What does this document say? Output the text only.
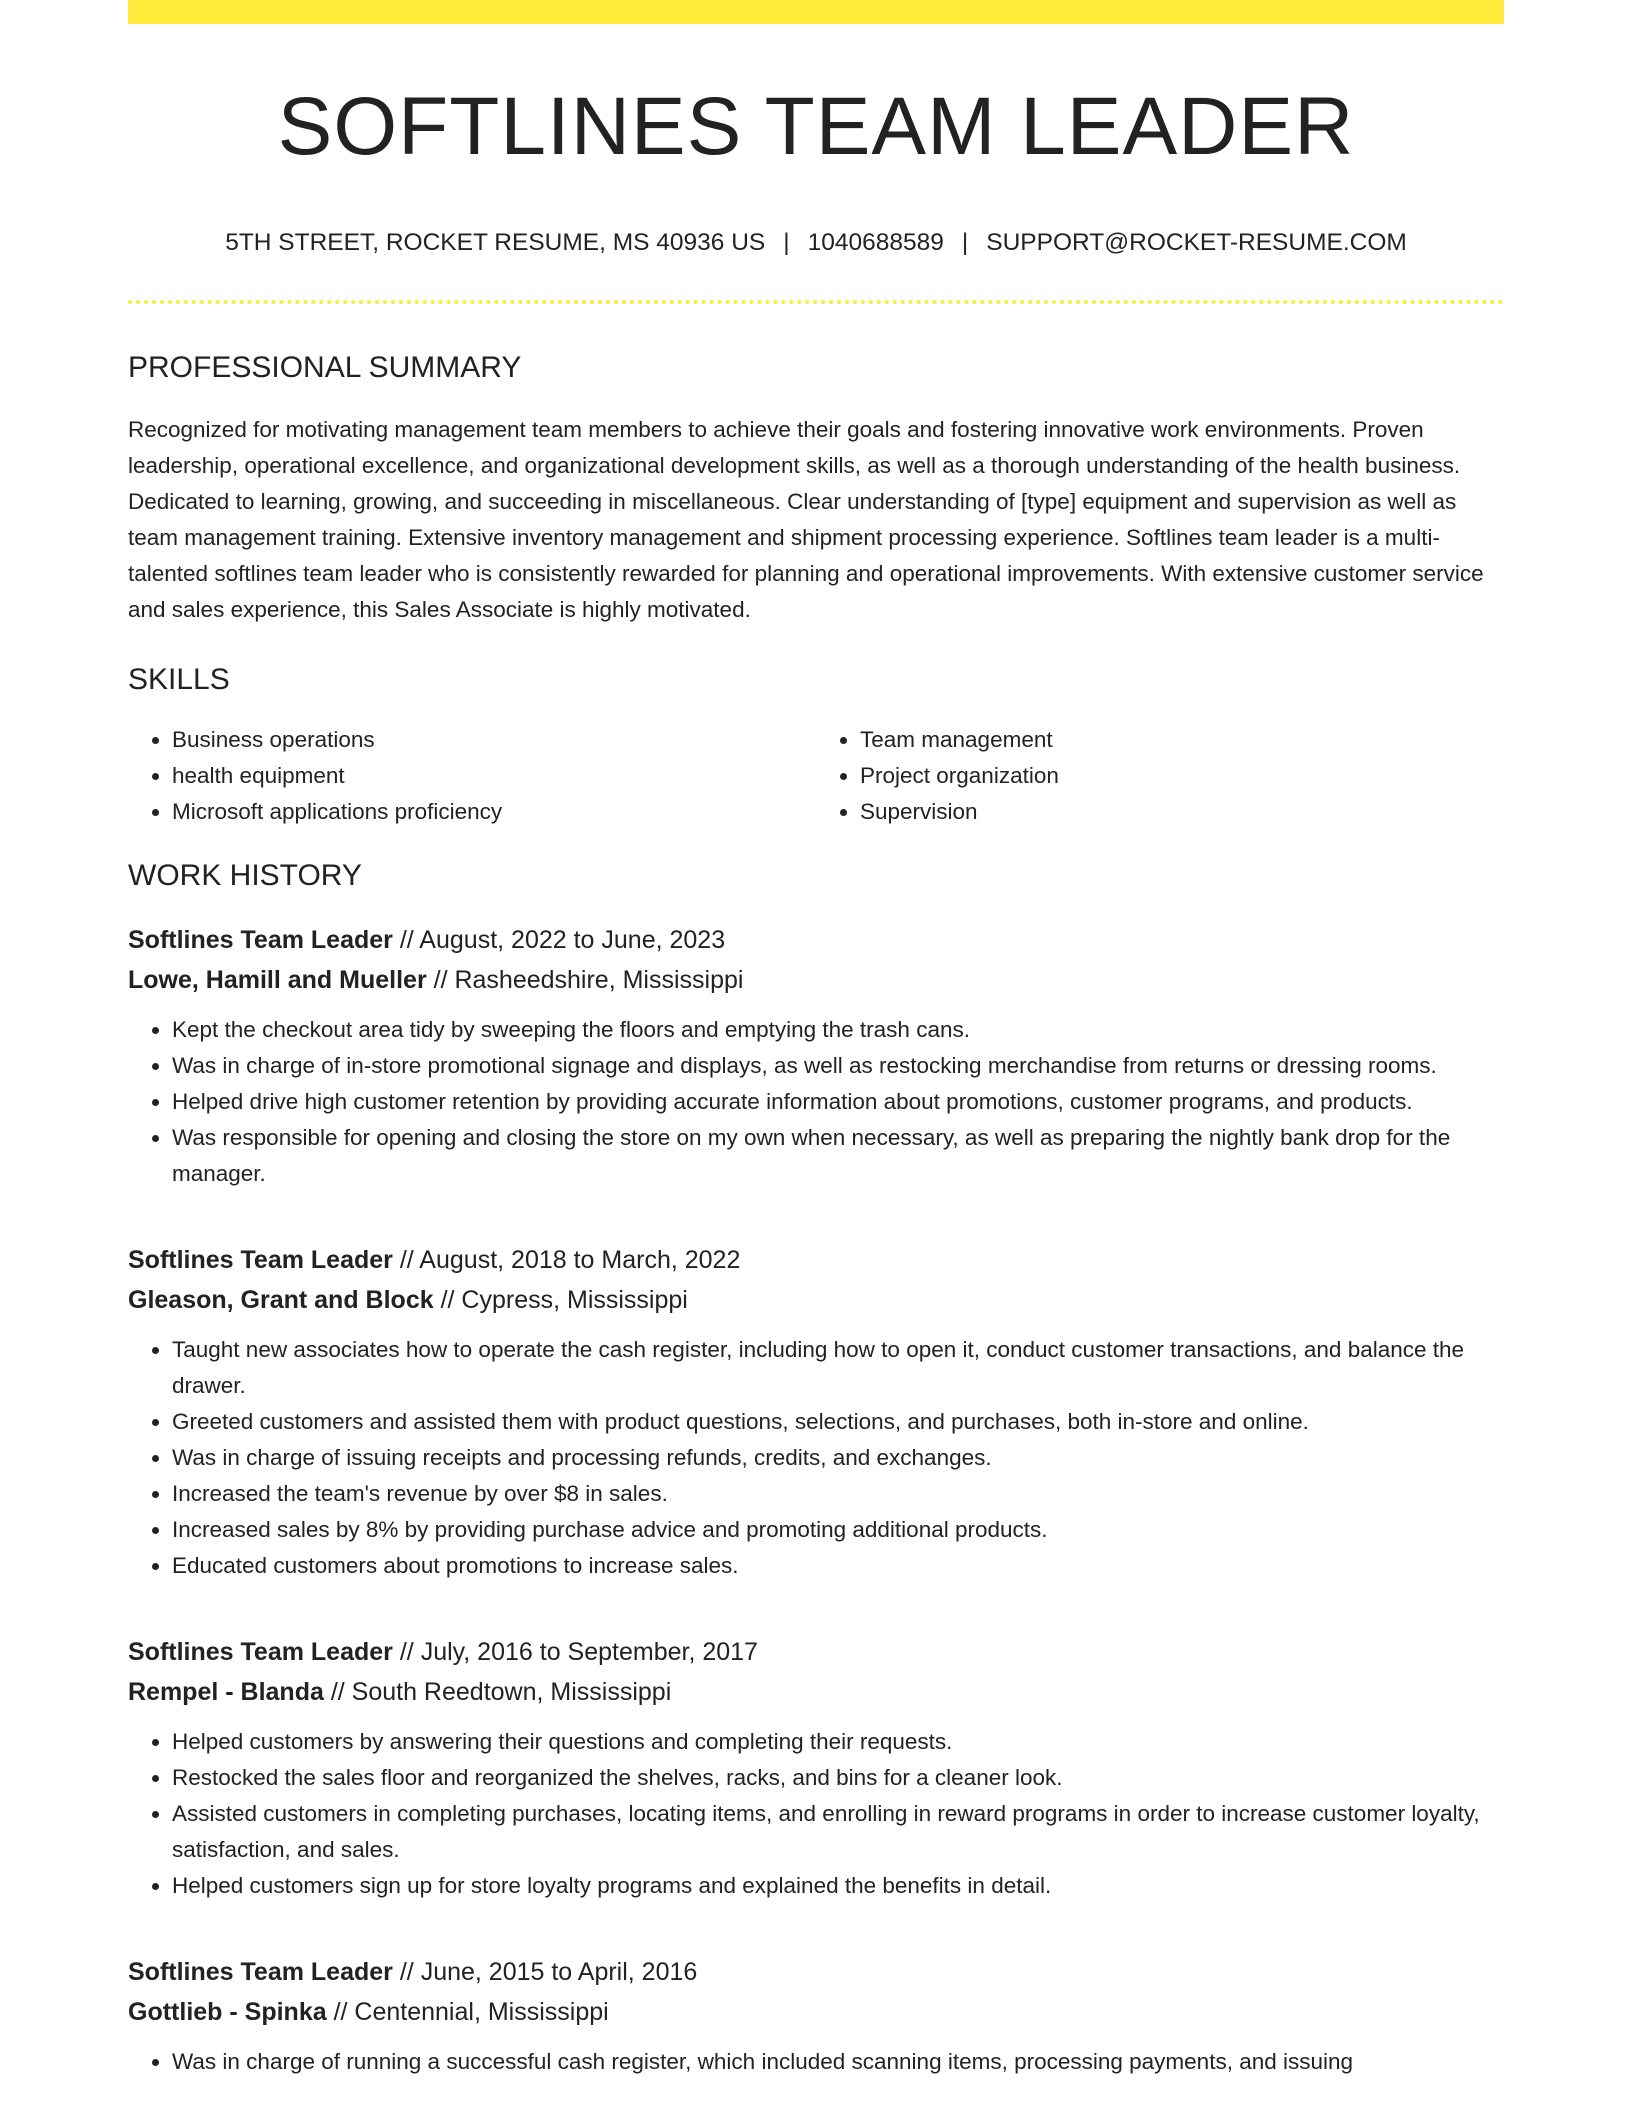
SOFTLINES TEAM LEADER
5TH STREET, ROCKET RESUME, MS 40936 US | 1040688589 | SUPPORT@ROCKET-RESUME.COM
PROFESSIONAL SUMMARY

Recognized for motivating management team members to achieve their goals and fostering innovative work environments. Proven leadership, operational excellence, and organizational development skills, as well as a thorough understanding of the health business. Dedicated to learning, growing, and succeeding in miscellaneous. Clear understanding of [type] equipment and supervision as well as team management training. Extensive inventory management and shipment processing experience. Softlines team leader is a multi-talented softlines team leader who is consistently rewarded for planning and operational improvements. With extensive customer service and sales experience, this Sales Associate is highly motivated.

SKILLS
• Business operations
• health equipment
• Microsoft applications proficiency
• Team management
• Project organization
• Supervision
WORK HISTORY
Softlines Team Leader // August, 2022 to June, 2023
Lowe, Hamill and Mueller // Rasheedshire, Mississippi
• Kept the checkout area tidy by sweeping the floors and emptying the trash cans.
• Was in charge of in-store promotional signage and displays, as well as restocking merchandise from returns or dressing rooms.
• Helped drive high customer retention by providing accurate information about promotions, customer programs, and products.
• Was responsible for opening and closing the store on my own when necessary, as well as preparing the nightly bank drop for the manager.
Softlines Team Leader // August, 2018 to March, 2022
Gleason, Grant and Block // Cypress, Mississippi
• Taught new associates how to operate the cash register, including how to open it, conduct customer transactions, and balance the drawer.
• Greeted customers and assisted them with product questions, selections, and purchases, both in-store and online.
• Was in charge of issuing receipts and processing refunds, credits, and exchanges.
• Increased the team's revenue by over $8 in sales.
• Increased sales by 8% by providing purchase advice and promoting additional products.
• Educated customers about promotions to increase sales.
Softlines Team Leader // July, 2016 to September, 2017
Rempel - Blanda // South Reedtown, Mississippi
• Helped customers by answering their questions and completing their requests.
• Restocked the sales floor and reorganized the shelves, racks, and bins for a cleaner look.
• Assisted customers in completing purchases, locating items, and enrolling in reward programs in order to increase customer loyalty, satisfaction, and sales.
• Helped customers sign up for store loyalty programs and explained the benefits in detail.
Softlines Team Leader // June, 2015 to April, 2016
Gottlieb - Spinka // Centennial, Mississippi
• Was in charge of running a successful cash register, which included scanning items, processing payments, and issuing
